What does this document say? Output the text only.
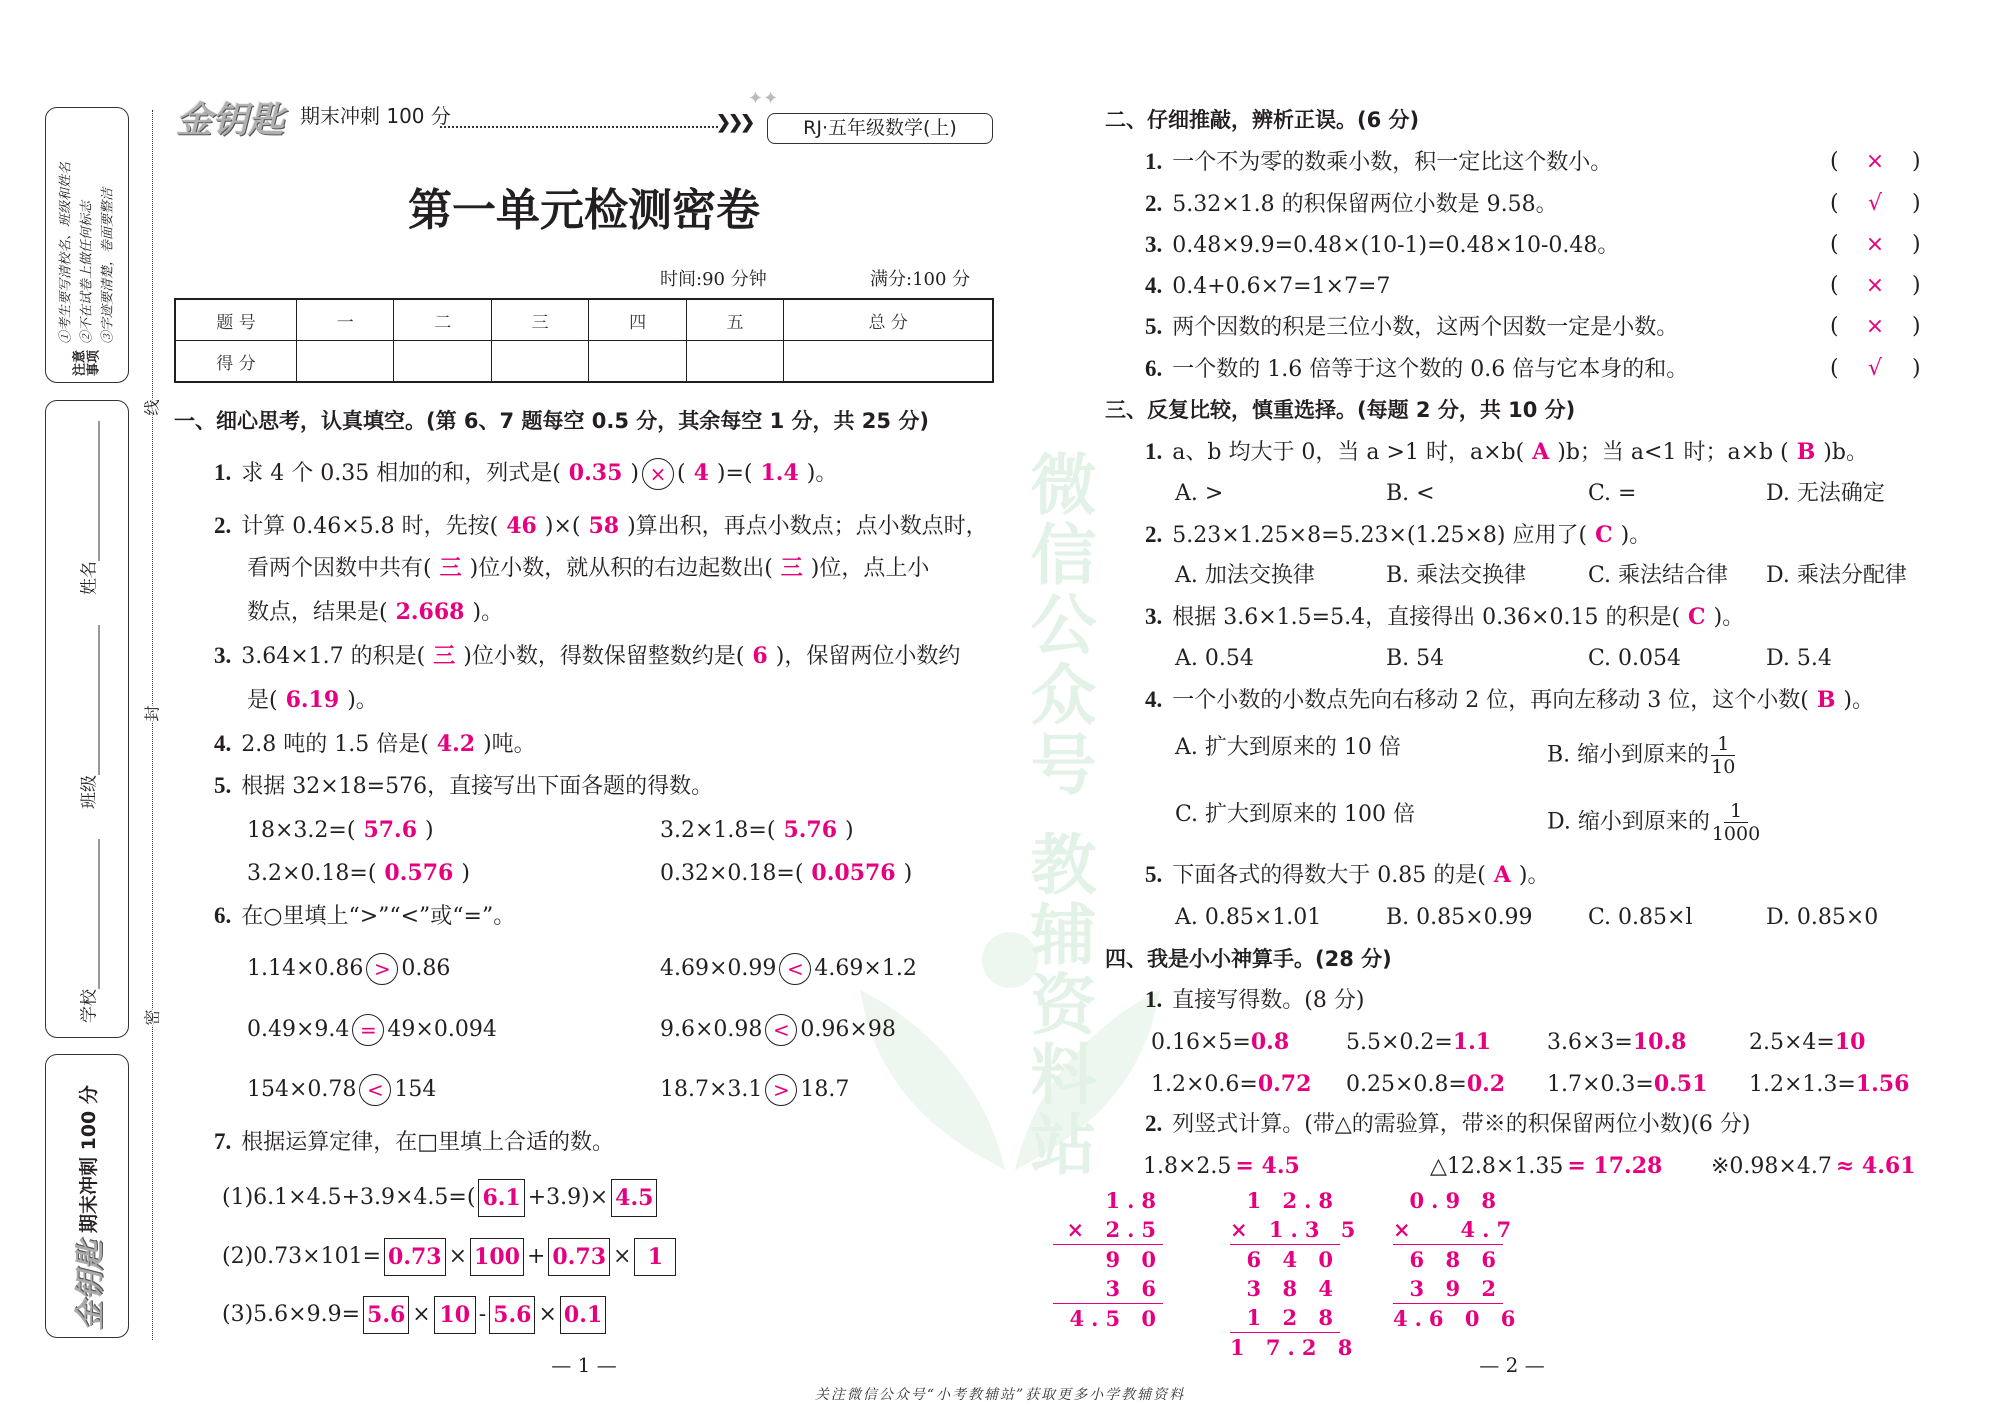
微信公众号
教辅资料站
注意事项
①考生要写清校名、班级和姓名 ②不在试卷上做任何标志 ③字迹要清楚，卷面要整洁
学校
班级
姓名
金钥匙
期末冲刺 100 分
线
封
密
金钥匙 期末冲刺 100 分	❯❯❯
✦✦
RJ·五年级数学(上)
第一单元检测密卷
时间:90 分钟	满分:100 分
题 号	一	二	三	四	五	总 分
得 分						
一、细心思考，认真填空。(第 6、7 题每空 0.5 分，其余每空 1 分，共 25 分)
1. 求 4 个 0.35 相加的和，列式是( 0.35 ) × ( 4 )=( 1.4 )。
2. 计算 0.46×5.8 时，先按( 46 )×( 58 )算出积，再点小数点；点小数点时，
看两个因数中共有( 三 )位小数，就从积的右边起数出( 三 )位，点上小
数点，结果是( 2.668 )。
3. 3.64×1.7 的积是( 三 )位小数，得数保留整数约是( 6 )，保留两位小数约
是( 6.19 )。
4. 2.8 吨的 1.5 倍是( 4.2 )吨。
5. 根据 32×18=576，直接写出下面各题的得数。
18×3.2=( 57.6 )	3.2×1.8=( 5.76 )
3.2×0.18=( 0.576 )	0.32×0.18=( 0.0576 )
6. 在○里填上“>”“<”或“=”。
1.14×0.86 > 0.86	4.69×0.99 < 4.69×1.2
0.49×9.4 = 49×0.094	9.6×0.98 < 0.96×98
154×0.78 < 154	18.7×3.1 > 18.7
7. 根据运算定律，在□里填上合适的数。
(1)6.1×4.5+3.9×4.5=( 6.1 +3.9)× 4.5
(2)0.73×101= 0.73 × 100 + 0.73 × 1
(3)5.6×9.9= 5.6 × 10 - 5.6 × 0.1
— 1 —
二、仔细推敲，辨析正误。(6 分)
1. 一个不为零的数乘小数，积一定比这个数小。	(	×	)
2. 5.32×1.8 的积保留两位小数是 9.58。	(	√	)
3. 0.48×9.9=0.48×(10-1)=0.48×10-0.48。	(	×	)
4. 0.4+0.6×7=1×7=7	(	×	)
5. 两个因数的积是三位小数，这两个因数一定是小数。	(	×	)
6. 一个数的 1.6 倍等于这个数的 0.6 倍与它本身的和。	(	√	)
三、反复比较，慎重选择。(每题 2 分，共 10 分)
1. a、b 均大于 0，当 a >1 时，a×b( A )b；当 a<1 时；a×b ( B )b。
A. >	B. <	C. =	D. 无法确定
2. 5.23×1.25×8=5.23×(1.25×8) 应用了( C )。
A. 加法交换律	B. 乘法交换律	C. 乘法结合律 D. 乘法分配律
3. 根据 3.6×1.5=5.4，直接得出 0.36×0.15 的积是( C )。
A. 0.54	B. 54	C. 0.054	D. 5.4
4. 一个小数的小数点先向右移动 2 位，再向左移动 3 位，这个小数( B )。
A. 扩大到原来的 10 倍	B. 缩小到原来的 $\frac{1}{10}$
C. 扩大到原来的 100 倍	D. 缩小到原来的 $\frac{1}{1000}$
5. 下面各式的得数大于 0.85 的是( A )。
A. 0.85×1.01	B. 0.85×0.99	C. 0.85×l	D. 0.85×0
四、我是小小神算手。(28 分)
1. 直接写得数。(8 分)
0.16×5=0.8	5.5×0.2=1.1	3.6×3=10.8	2.5×4=10
1.2×0.6=0.72 0.25×0.8=0.2 1.7×0.3=0.51 1.2×1.3=1.56
2. 列竖式计算。(带△的需验算，带※的积保留两位小数)(6 分)
1.8×2.5 = 4.5
1.8
× 2.5
9 0
3 6
4.5 0
△12.8×1.35 = 17.28
1 2.8
× 1.3 5
6 4 0
3 8 4
1 2 8
1 7.2 8
※0.98×4.7 ≈ 4.61
0.9 8
×   4.7
6 8 6
3 9 2
4.6 0 6
— 2 —
关注微信公众号“小考教辅站”获取更多小学教辅资料
